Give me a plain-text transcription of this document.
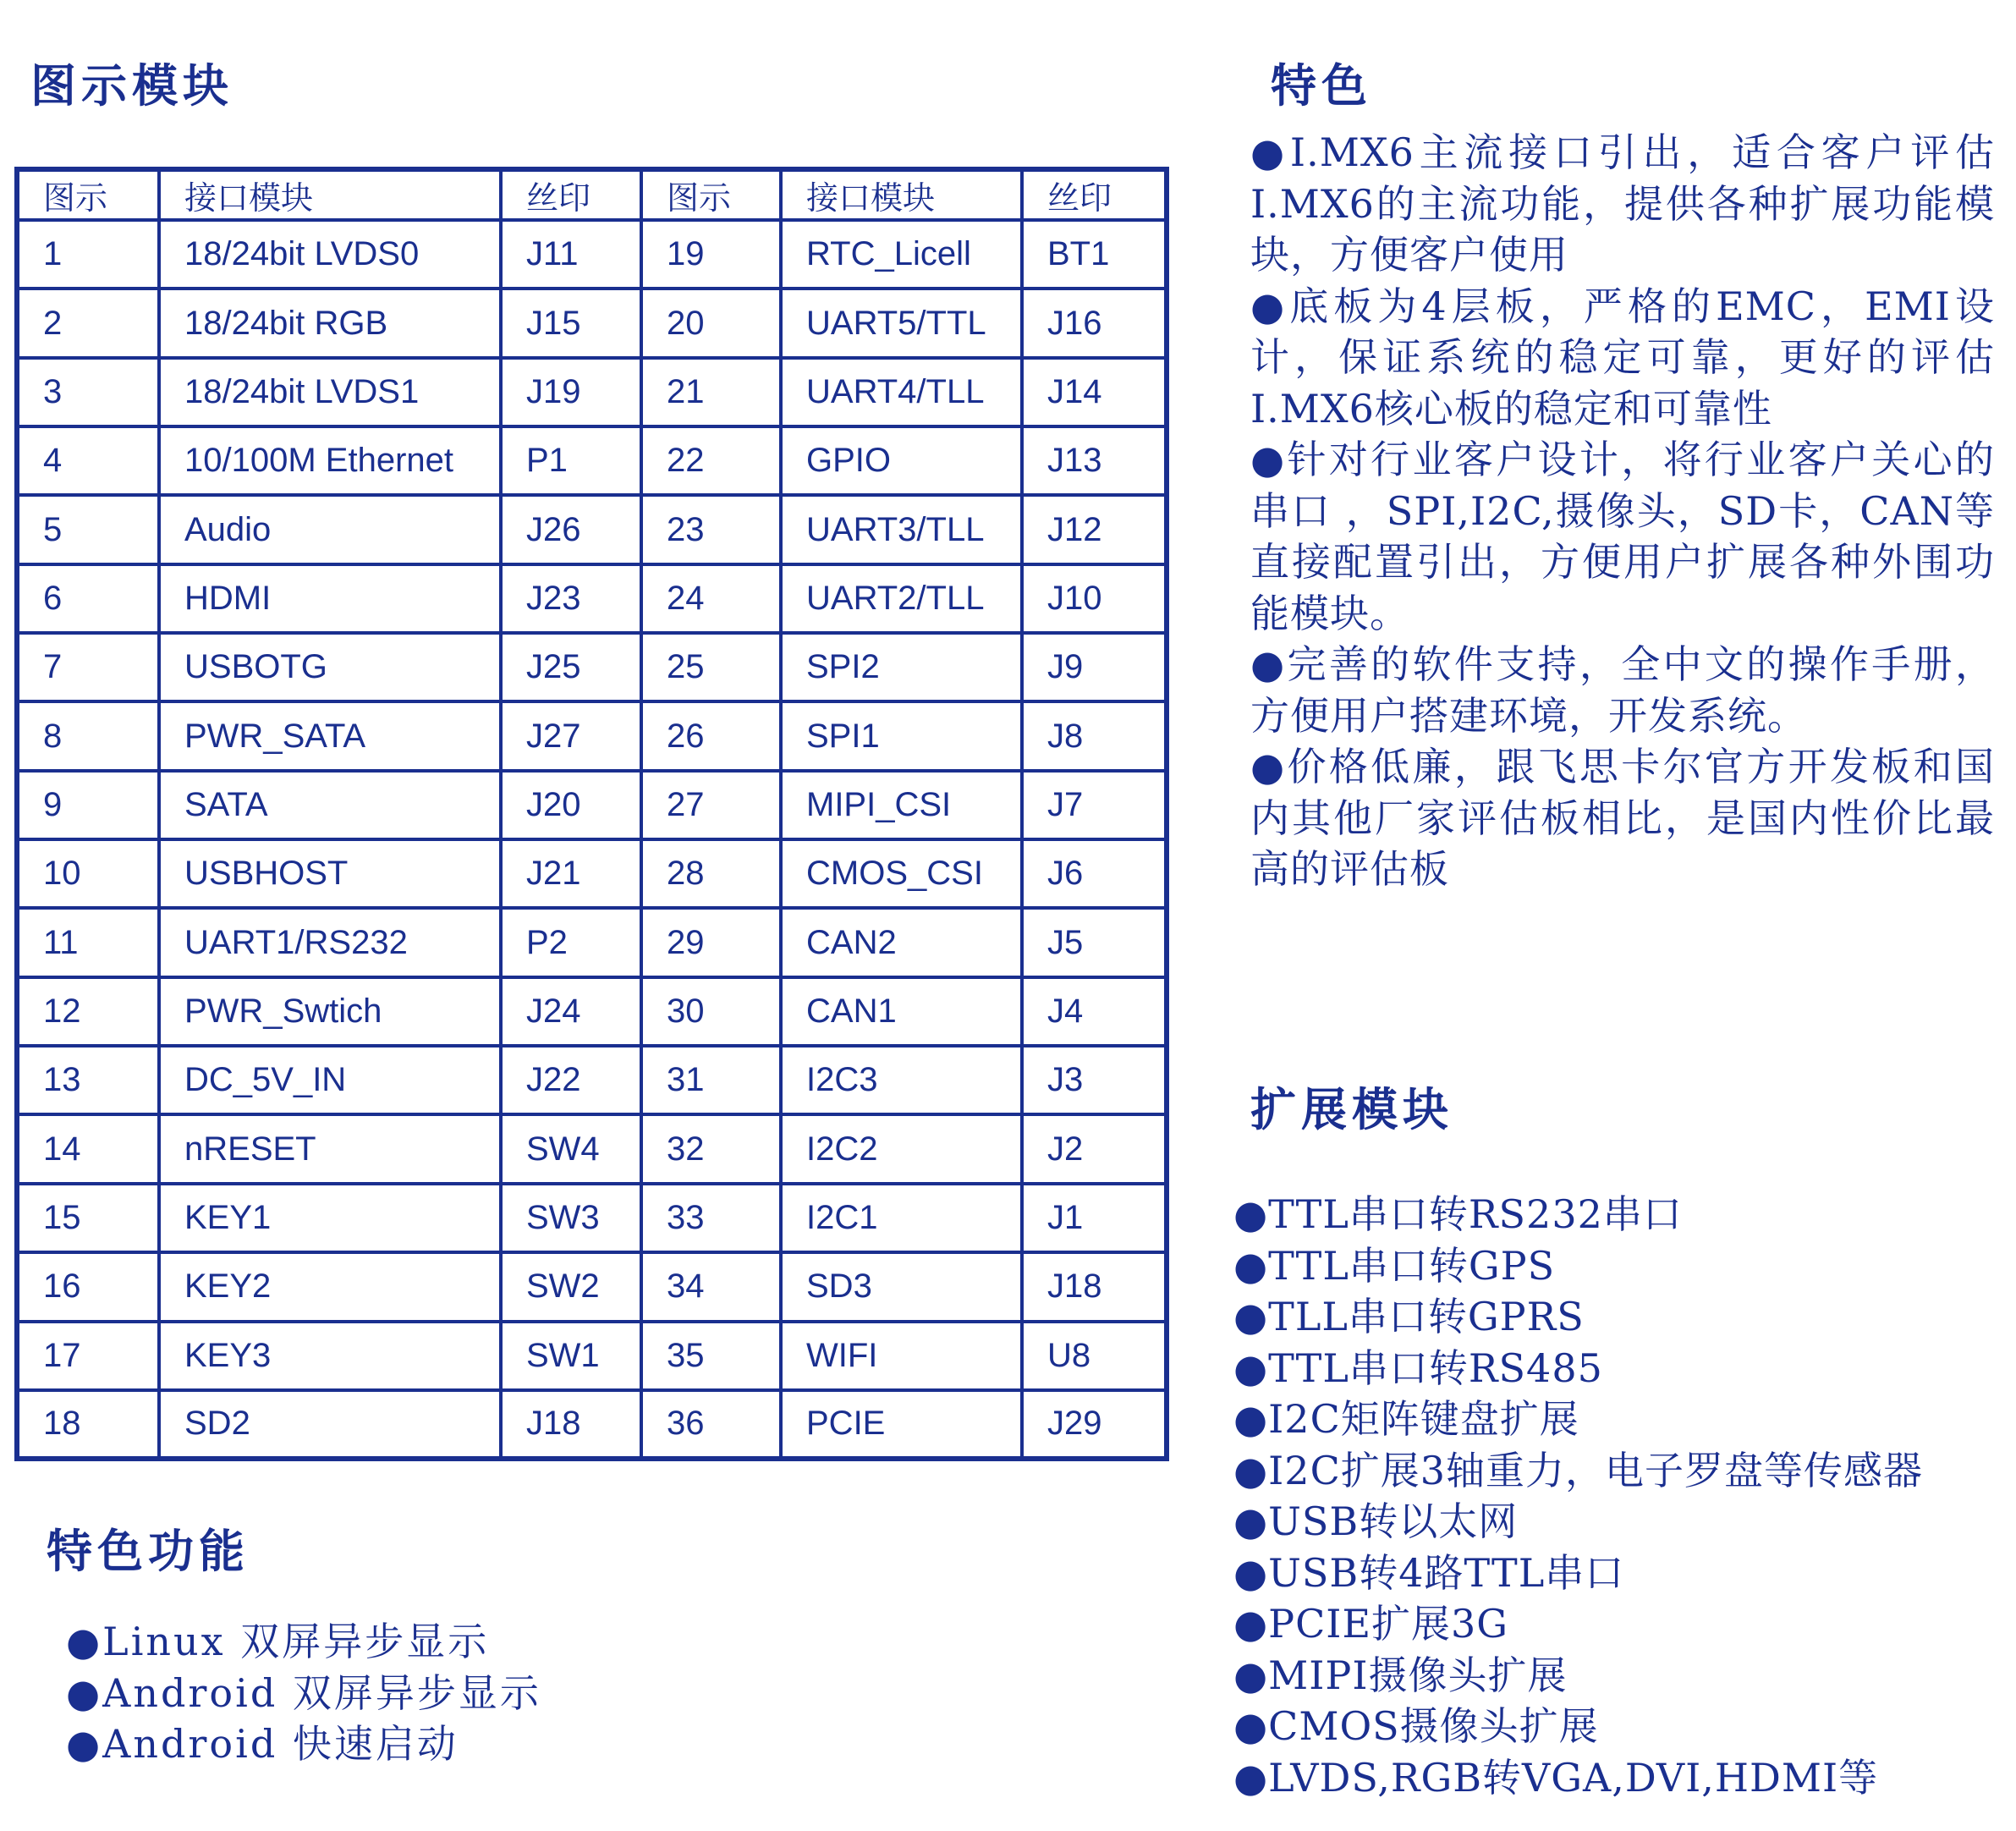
图示模块	特色
扩展模块
特色功能
图示	接口模块	丝印	图示	接口模块	丝印
1	18/24bit LVDS0	J11	19	RTC_Licell	BT1
2	18/24bit RGB	J15	20	UART5/TTL	J16
3	18/24bit LVDS1	J19	21	UART4/TLL	J14
4	10/100M Ethernet	P1	22	GPIO	J13
5	Audio	J26	23	UART3/TLL	J12
6	HDMI	J23	24	UART2/TLL	J10
7	USBOTG	J25	25	SPI2	J9
8	PWR_SATA	J27	26	SPI1	J8
9	SATA	J20	27	MIPI_CSI	J7
10	USBHOST	J21	28	CMOS_CSI	J6
11	UART1/RS232	P2	29	CAN2	J5
12	PWR_Swtich	J24	30	CAN1	J4
13	DC_5V_IN	J22	31	I2C3	J3
14	nRESET	SW4	32	I2C2	J2
15	KEY1	SW3	33	I2C1	J1
16	KEY2	SW2	34	SD3	J18
17	KEY3	SW1	35	WIFI	U8
18	SD2	J18	36	PCIE	J29
●I.MX6主流接口引出，适合客户评估I.MX6的主流功能，提供各种扩展功能模块，方便客户使用
●底板为4层板，严格的EMC，EMI设计，保证系统的稳定可靠，更好的评估I.MX6核心板的稳定和可靠性
●针对行业客户设计，将行业客户关心的串口 ，SPI,I2C,摄像头，SD卡，CAN等直接配置引出，方便用户扩展各种外围功能模块。
●完善的软件支持，全中文的操作手册，方便用户搭建环境，开发系统。
●价格低廉，跟飞思卡尔官方开发板和国内其他厂家评估板相比，是国内性价比最高的评估板
●TTL串口转RS232串口
●TTL串口转GPS
●TLL串口转GPRS
●TTL串口转RS485
●I2C矩阵键盘扩展
●I2C扩展3轴重力，电子罗盘等传感器
●USB转以太网
●USB转4路TTL串口
●PCIE扩展3G
●MIPI摄像头扩展
●CMOS摄像头扩展
●LVDS,RGB转VGA,DVI,HDMI等
●Linux 双屏异步显示
●Android 双屏异步显示
●Android 快速启动
